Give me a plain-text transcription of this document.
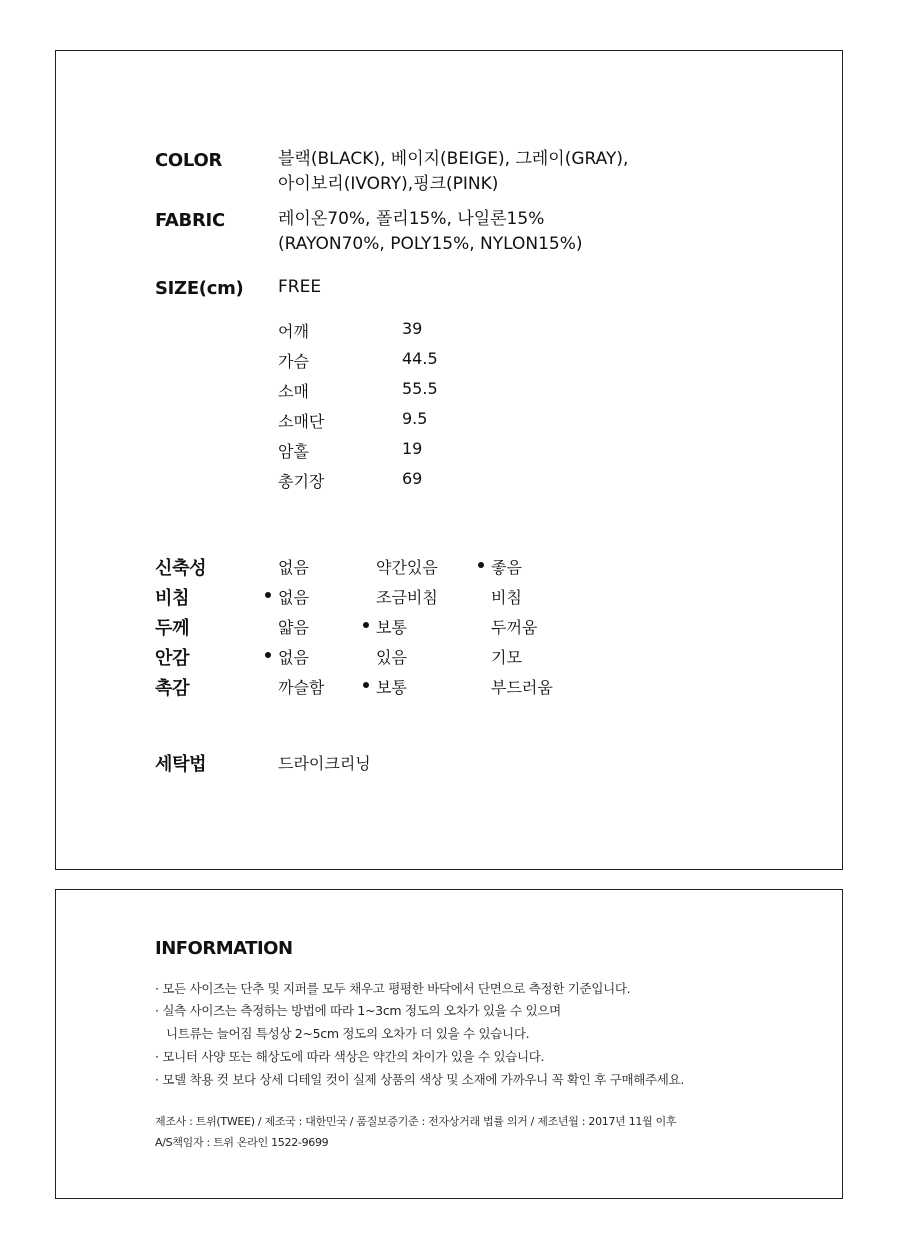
COLOR	블랙(BLACK), 베이지(BEIGE), 그레이(GRAY),
아이보리(IVORY),핑크(PINK)
FABRIC	레이온70%, 폴리15%, 나일론15%
(RAYON70%, POLY15%, NYLON15%)
SIZE(cm) FREE
어깨	39
가슴	44.5
소매	55.5
소매단	9.5
암홀	19
총기장	69
신축성	없음	약간있음	좋음
비침	없음	조금비침	비침
두께	얇음	보통	두꺼움
안감	없음	있음	기모
촉감	까슬함	보통	부드러움
세탁법	드라이크리닝
INFORMATION
· 모든 사이즈는 단추 및 지퍼를 모두 채우고 평평한 바닥에서 단면으로 측정한 기준입니다.
· 실측 사이즈는 측정하는 방법에 따라 1~3cm 정도의 오차가 있을 수 있으며
니트류는 늘어짐 특성상 2~5cm 정도의 오차가 더 있을 수 있습니다.
· 모니터 사양 또는 해상도에 따라 색상은 약간의 차이가 있을 수 있습니다.
· 모델 착용 컷 보다 상세 디테일 컷이 실제 상품의 색상 및 소재에 가까우니 꼭 확인 후 구매해주세요.
제조사 : 트위(TWEE) / 제조국 : 대한민국 / 품질보증기준 : 전자상거래 법률 의거 / 제조년월 : 2017년 11월 이후
A/S책임자 : 트위 온라인 1522-9699
